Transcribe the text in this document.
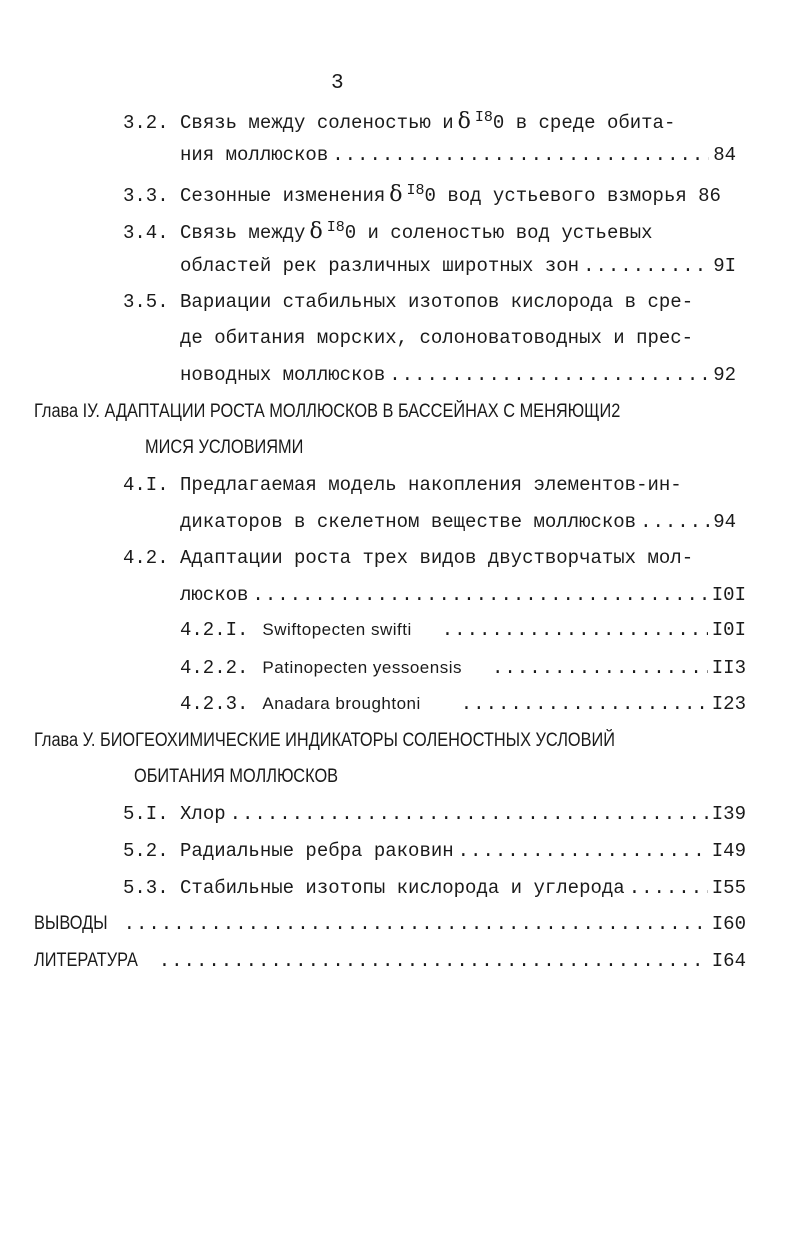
3
3.2. Связь между соленостью и δ $^{I8}$0 в среде обита-
ния моллюсков .....	84
3.3. Сезонные изменения δ $^{I8}$0 вод устьевого взморья 86
3.4. Связь между δ $^{I8}$0 и соленостью вод устьевых
областей рек различных широтных зон .....	9I
3.5. Вариации стабильных изотопов кислорода в сре-
де обитания морских, солоноватоводных и прес-
новодных моллюсков .....	92
Глава IУ. АДАПТАЦИИ РОСТА МОЛЛЮСКОВ В БАССЕЙНАХ С МЕНЯЮЩИ2
МИСЯ УСЛОВИЯМИ
4.I. Предлагаемая модель накопления элементов-ин-
дикаторов в скелетном веществе моллюсков .....	94
4.2. Адаптации роста трех видов двустворчатых мол-
люсков .....	I0I
4.2.I. Swiftopecten swifti .....	I0I
4.2.2. Patinopecten yessoensis .....	II3
4.2.3. Anadara broughtoni .....	I23
Глава У. БИОГЕОХИМИЧЕСКИЕ ИНДИКАТОРЫ СОЛЕНОСТНЫХ УСЛОВИЙ
ОБИТАНИЯ МОЛЛЮСКОВ
5.I. Хлор .....	I39
5.2. Радиальные ребра раковин .....	I49
5.3. Стабильные изотопы кислорода и углерода .....	I55
ВЫВОДЫ .....	I60
ЛИТЕРАТУРА .....	I64
